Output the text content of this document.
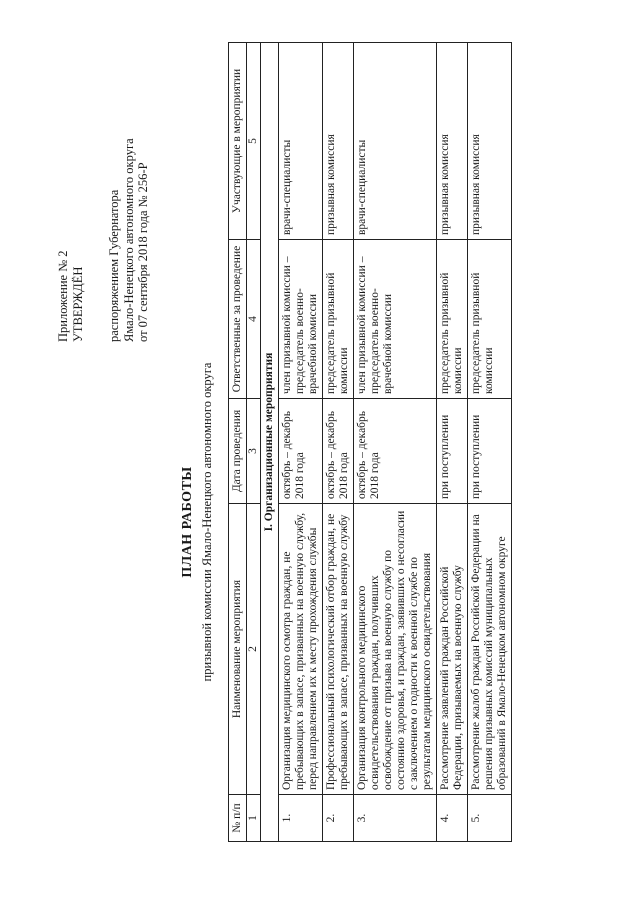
Приложение № 2 УТВЕРЖДЁН распоряжением Губернатора Ямало-Ненецкого автономного округа от 07 сентября 2018 года № 256-Р
ПЛАН РАБОТЫ призывной комиссии Ямало-Ненецкого автономного округа
№ п/п	Наименование мероприятия	Дата проведения	Ответственные за проведение	Участвующие в мероприятии
1	2	3	4	5
I. Организационные мероприятия				
1.	Организация медицинского осмотра граждан, не пребывающих в запасе, призванных на военную службу, перед направлением их к месту прохождения службы	октябрь – декабрь 2018 года	член призывной комиссии – председатель военно-врачебной комиссии	врачи-специалисты
2.	Профессиональный психологический отбор граждан, не пребывающих в запасе, призванных на военную службу	октябрь – декабрь 2018 года	председатель призывной комиссии	призывная комиссия
3.	Организация контрольного медицинского освидетельствования граждан, получивших освобождение от призыва на военную службу по состоянию здоровья, и граждан, заявивших о несогласии с заключением о годности к военной службе по результатам медицинского освидетельствования	октябрь – декабрь 2018 года	член призывной комиссии – председатель военно-врачебной комиссии	врачи-специалисты
4.	Рассмотрение заявлений граждан Российской Федерации, призываемых на военную службу	при поступлении	председатель призывной комиссии	призывная комиссия
5.	Рассмотрение жалоб граждан Российской Федерации на решения призывных комиссий муниципальных образований в Ямало-Ненецком автономном округе	при поступлении	председатель призывной комиссии	призывная комиссия
